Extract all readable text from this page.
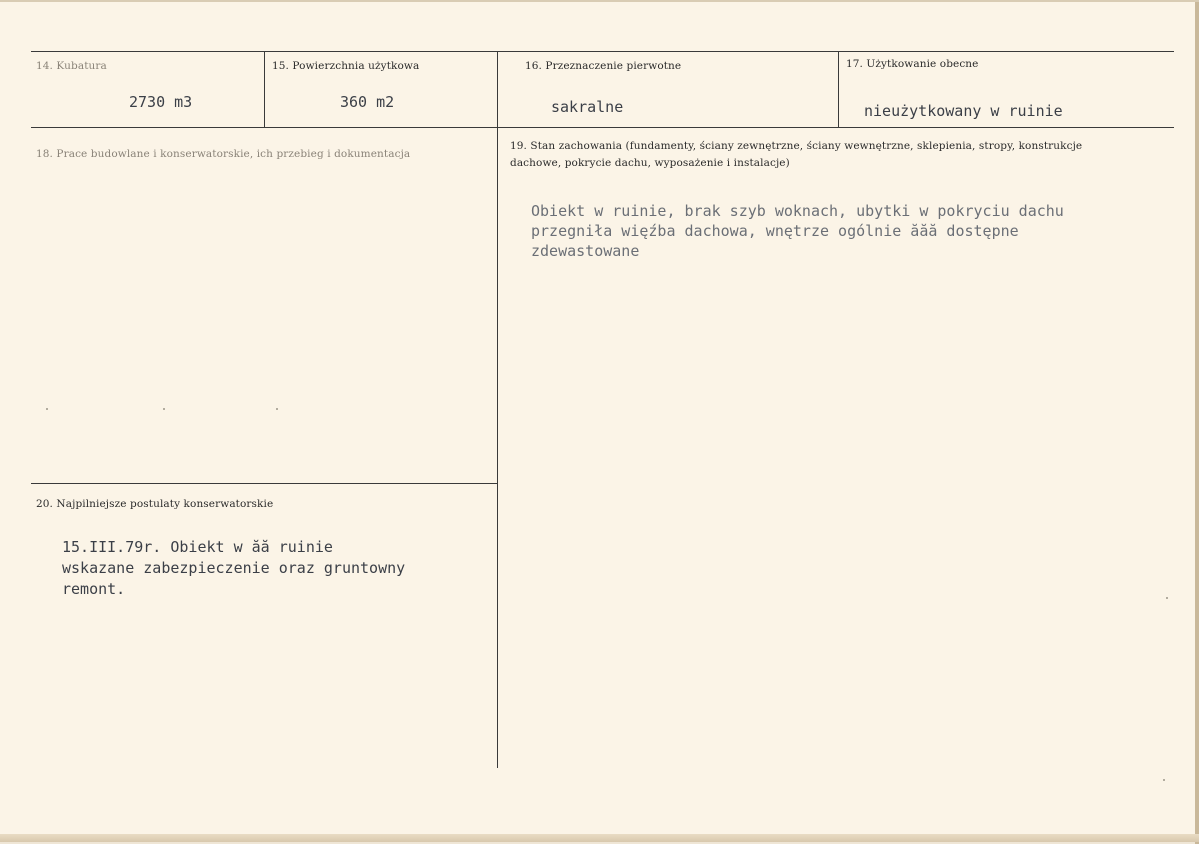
14. Kubatura
2730 m3
15. Powierzchnia użytkowa
360 m2
16. Przeznaczenie pierwotne
sakralne
17. Użytkowanie obecne
nieużytkowany w ruinie
18. Prace budowlane i konserwatorskie, ich przebieg i dokumentacja
19. Stan zachowania (fundamenty, ściany zewnętrzne, ściany wewnętrzne, sklepienia, stropy, konstrukcje dachowe, pokrycie dachu, wyposażenie i instalacje)
Obiekt w ruinie, brak szyb woknach, ubytki w pokryciu dachu
przegniła więźba dachowa, wnętrze ogólnie ăăă dostępne
zdewastowane
20. Najpilniejsze postulaty konserwatorskie
15.III.79r. Obiekt w ăă ruinie
wskazane zabezpieczenie oraz gruntowny
remont.
